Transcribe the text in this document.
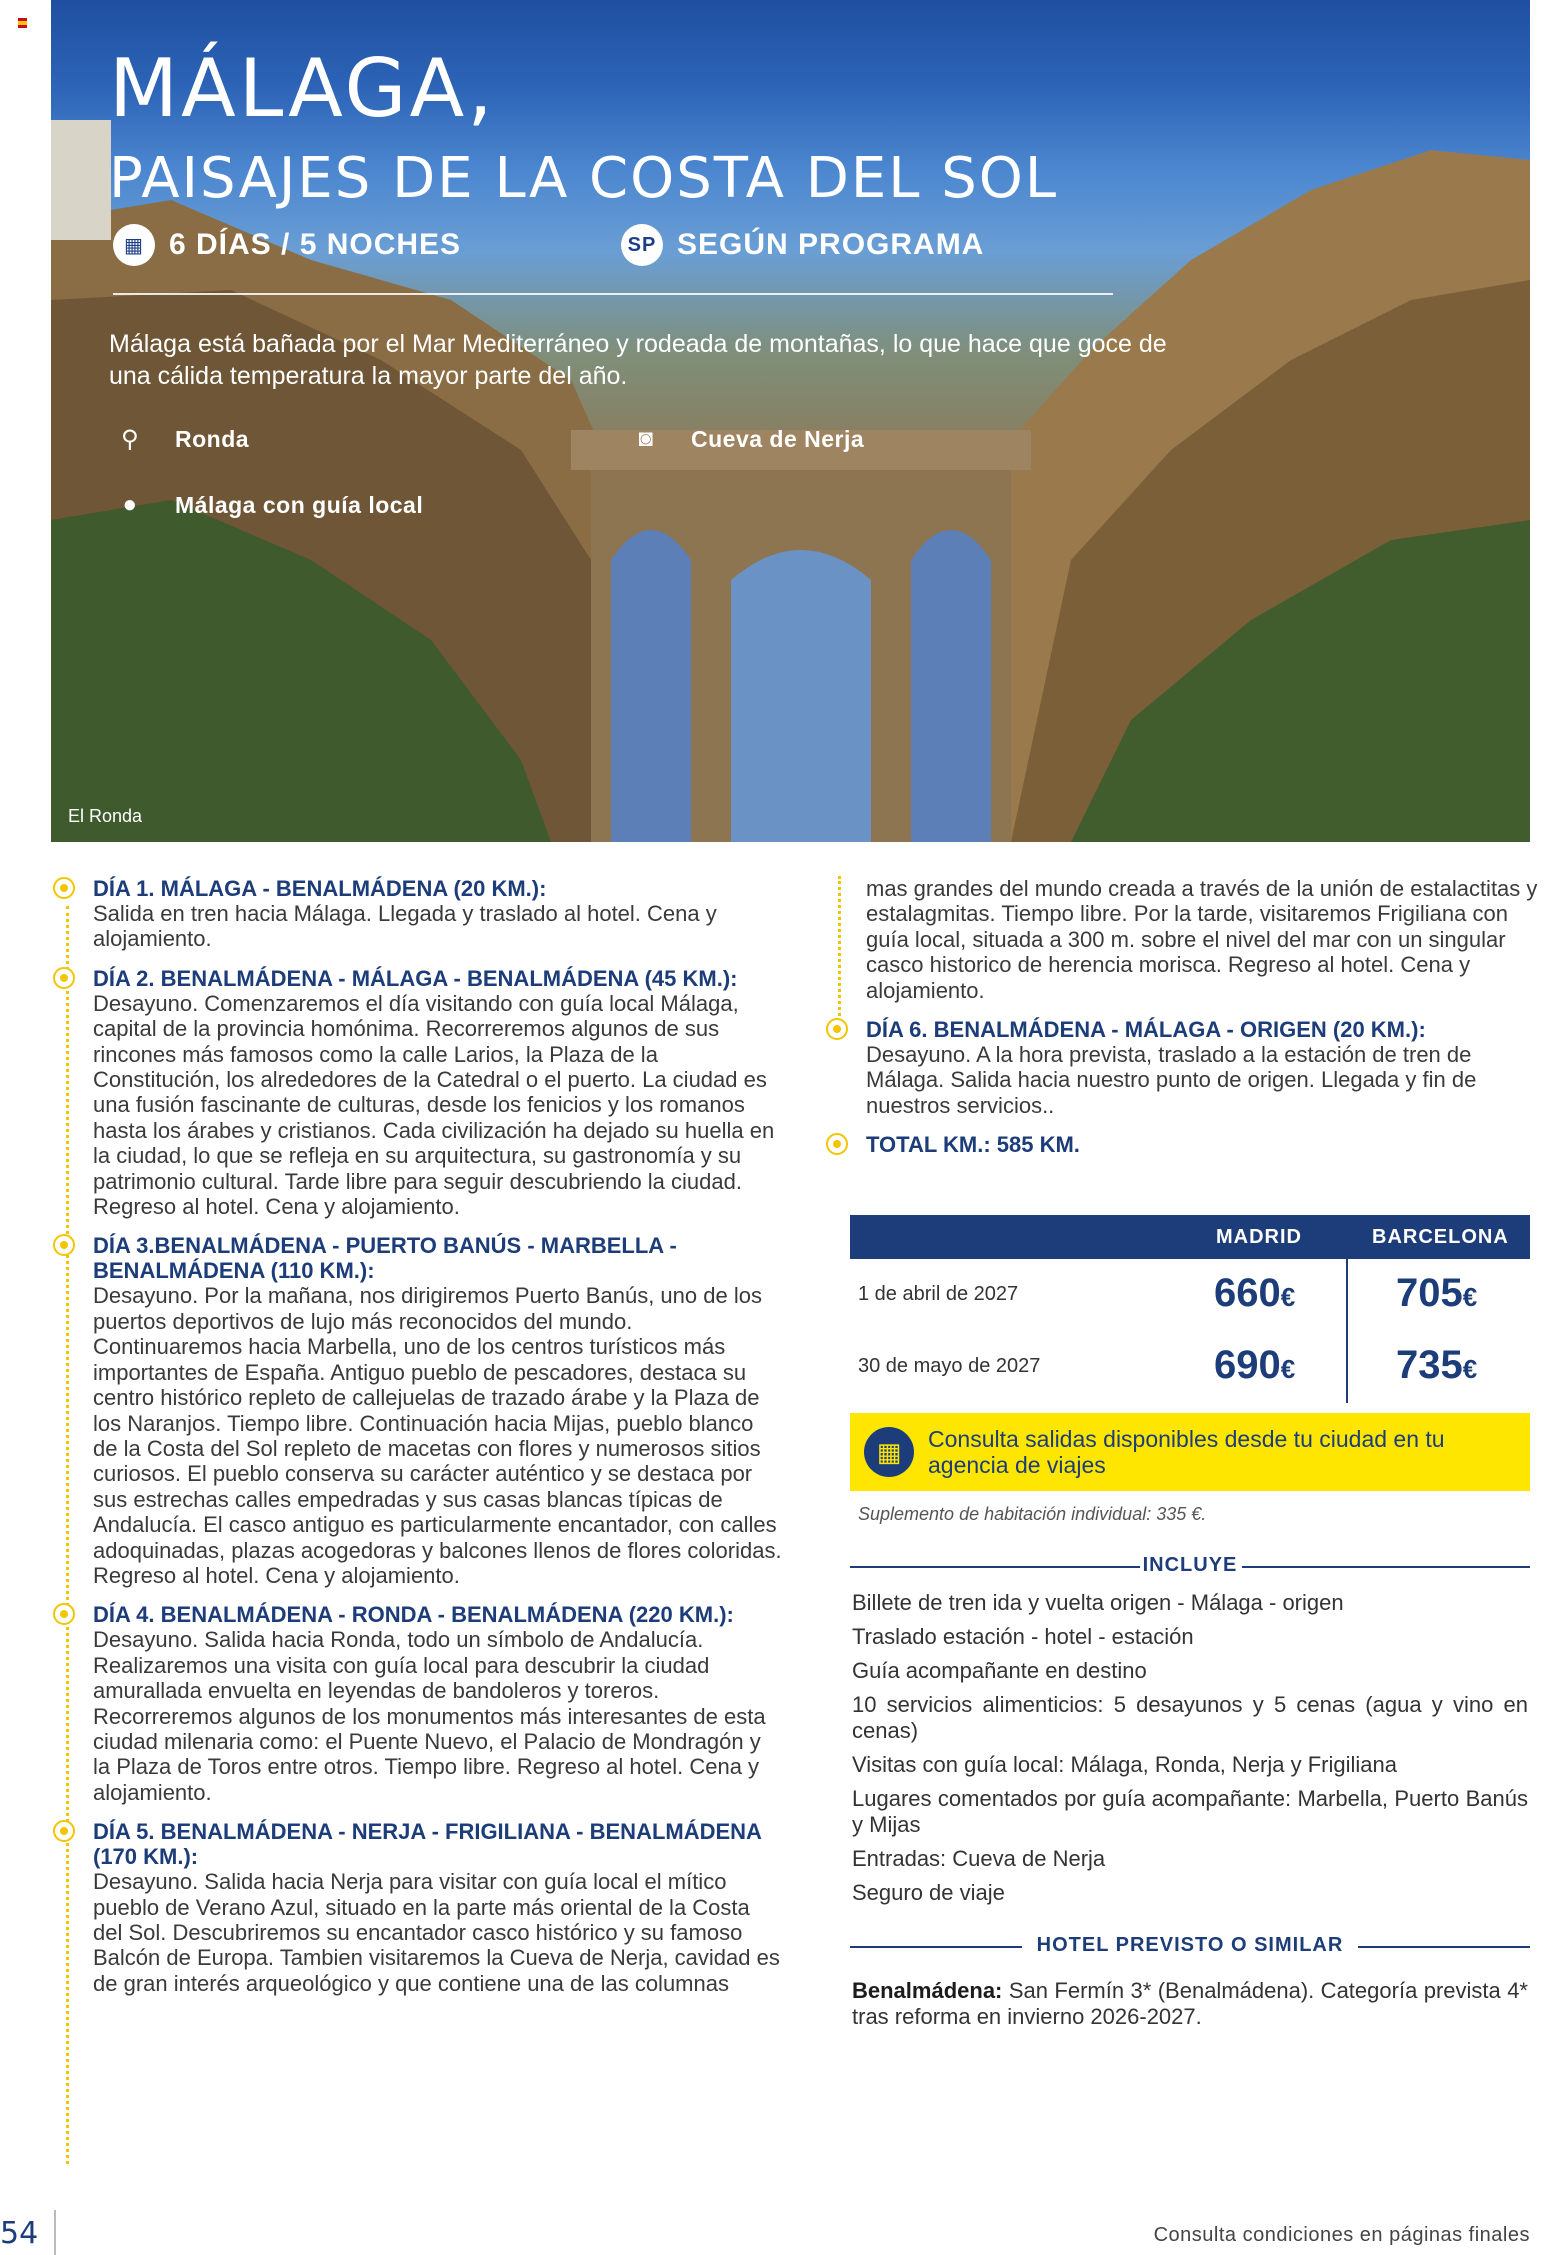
MÁLAGA,
PAISAJES DE LA COSTA DEL SOL
▦ 6 DÍAS / 5 NOCHES	SP SEGÚN PROGRAMA
Málaga está bañada por el Mar Mediterráneo y rodeada de montañas, lo que hace que goce de una cálida temperatura la mayor parte del año.
⚲	Ronda	◙	Cueva de Nerja
●	Málaga con guía local
El Ronda
DÍA 1. MÁLAGA - BENALMÁDENA (20 KM.):
Salida en tren hacia Málaga. Llegada y traslado al hotel. Cena y alojamiento.
DÍA 2. BENALMÁDENA - MÁLAGA - BENALMÁDENA (45 KM.):
Desayuno. Comenzaremos el día visitando con guía local Málaga, capital de la provincia homónima. Recorreremos algunos de sus rincones más famosos como la calle Larios, la Plaza de la Constitución, los alrededores de la Catedral o el puerto. La ciudad es una fusión fascinante de culturas, desde los fenicios y los romanos hasta los árabes y cristianos. Cada civilización ha dejado su huella en la ciudad, lo que se refleja en su arquitectura, su gastronomía y su patrimonio cultural. Tarde libre para seguir descubriendo la ciudad. Regreso al hotel. Cena y alojamiento.
DÍA 3.BENALMÁDENA - PUERTO BANÚS - MARBELLA - BENALMÁDENA (110 KM.):
Desayuno. Por la mañana, nos dirigiremos Puerto Banús, uno de los puertos deportivos de lujo más reconocidos del mundo. Continuaremos hacia Marbella, uno de los centros turísticos más importantes de España. Antiguo pueblo de pescadores, destaca su centro histórico repleto de callejuelas de trazado árabe y la Plaza de los Naranjos. Tiempo libre. Continuación hacia Mijas, pueblo blanco de la Costa del Sol repleto de macetas con flores y numerosos sitios curiosos. El pueblo conserva su carácter auténtico y se destaca por sus estrechas calles empedradas y sus casas blancas típicas de Andalucía. El casco antiguo es particularmente encantador, con calles adoquinadas, plazas acogedoras y balcones llenos de flores coloridas. Regreso al hotel. Cena y alojamiento.
DÍA 4. BENALMÁDENA - RONDA - BENALMÁDENA (220 KM.):
Desayuno. Salida hacia Ronda, todo un símbolo de Andalucía. Realizaremos una visita con guía local para descubrir la ciudad amurallada envuelta en leyendas de bandoleros y toreros. Recorreremos algunos de los monumentos más interesantes de esta ciudad milenaria como: el Puente Nuevo, el Palacio de Mondragón y la Plaza de Toros entre otros. Tiempo libre. Regreso al hotel. Cena y alojamiento.
DÍA 5. BENALMÁDENA - NERJA - FRIGILIANA - BENALMÁDENA (170 KM.):
Desayuno. Salida hacia Nerja para visitar con guía local el mítico pueblo de Verano Azul, situado en la parte más oriental de la Costa del Sol. Descubriremos su encantador casco histórico y su famoso Balcón de Europa. Tambien visitaremos la Cueva de Nerja, cavidad es de gran interés arqueológico y que contiene una de las columnas
mas grandes del mundo creada a través de la unión de estalactitas y estalagmitas. Tiempo libre. Por la tarde, visitaremos Frigiliana con guía local, situada a 300 m. sobre el nivel del mar con un singular casco historico de herencia morisca. Regreso al hotel. Cena y alojamiento.
DÍA 6. BENALMÁDENA - MÁLAGA - ORIGEN (20 KM.):
Desayuno. A la hora prevista, traslado a la estación de tren de Málaga. Salida hacia nuestro punto de origen. Llegada y fin de nuestros servicios..
TOTAL KM.: 585 KM.
MADRID	BARCELONA
1 de abril de 2027	660€	705€
30 de mayo de 2027	690€	735€
▦	Consulta salidas disponibles desde tu ciudad en tu agencia de viajes
Suplemento de habitación individual: 335 €.
INCLUYE
Billete de tren ida y vuelta origen - Málaga - origen
Traslado estación - hotel - estación
Guía acompañante en destino
10 servicios alimenticios: 5 desayunos y 5 cenas (agua y vino en cenas)
Visitas con guía local: Málaga, Ronda, Nerja y Frigiliana
Lugares comentados por guía acompañante: Marbella, Puerto Banús y Mijas
Entradas: Cueva de Nerja
Seguro de viaje
HOTEL PREVISTO O SIMILAR
Benalmádena: San Fermín 3* (Benalmádena). Categoría prevista 4* tras reforma en invierno 2026-2027.
54	Consulta condiciones en páginas finales
